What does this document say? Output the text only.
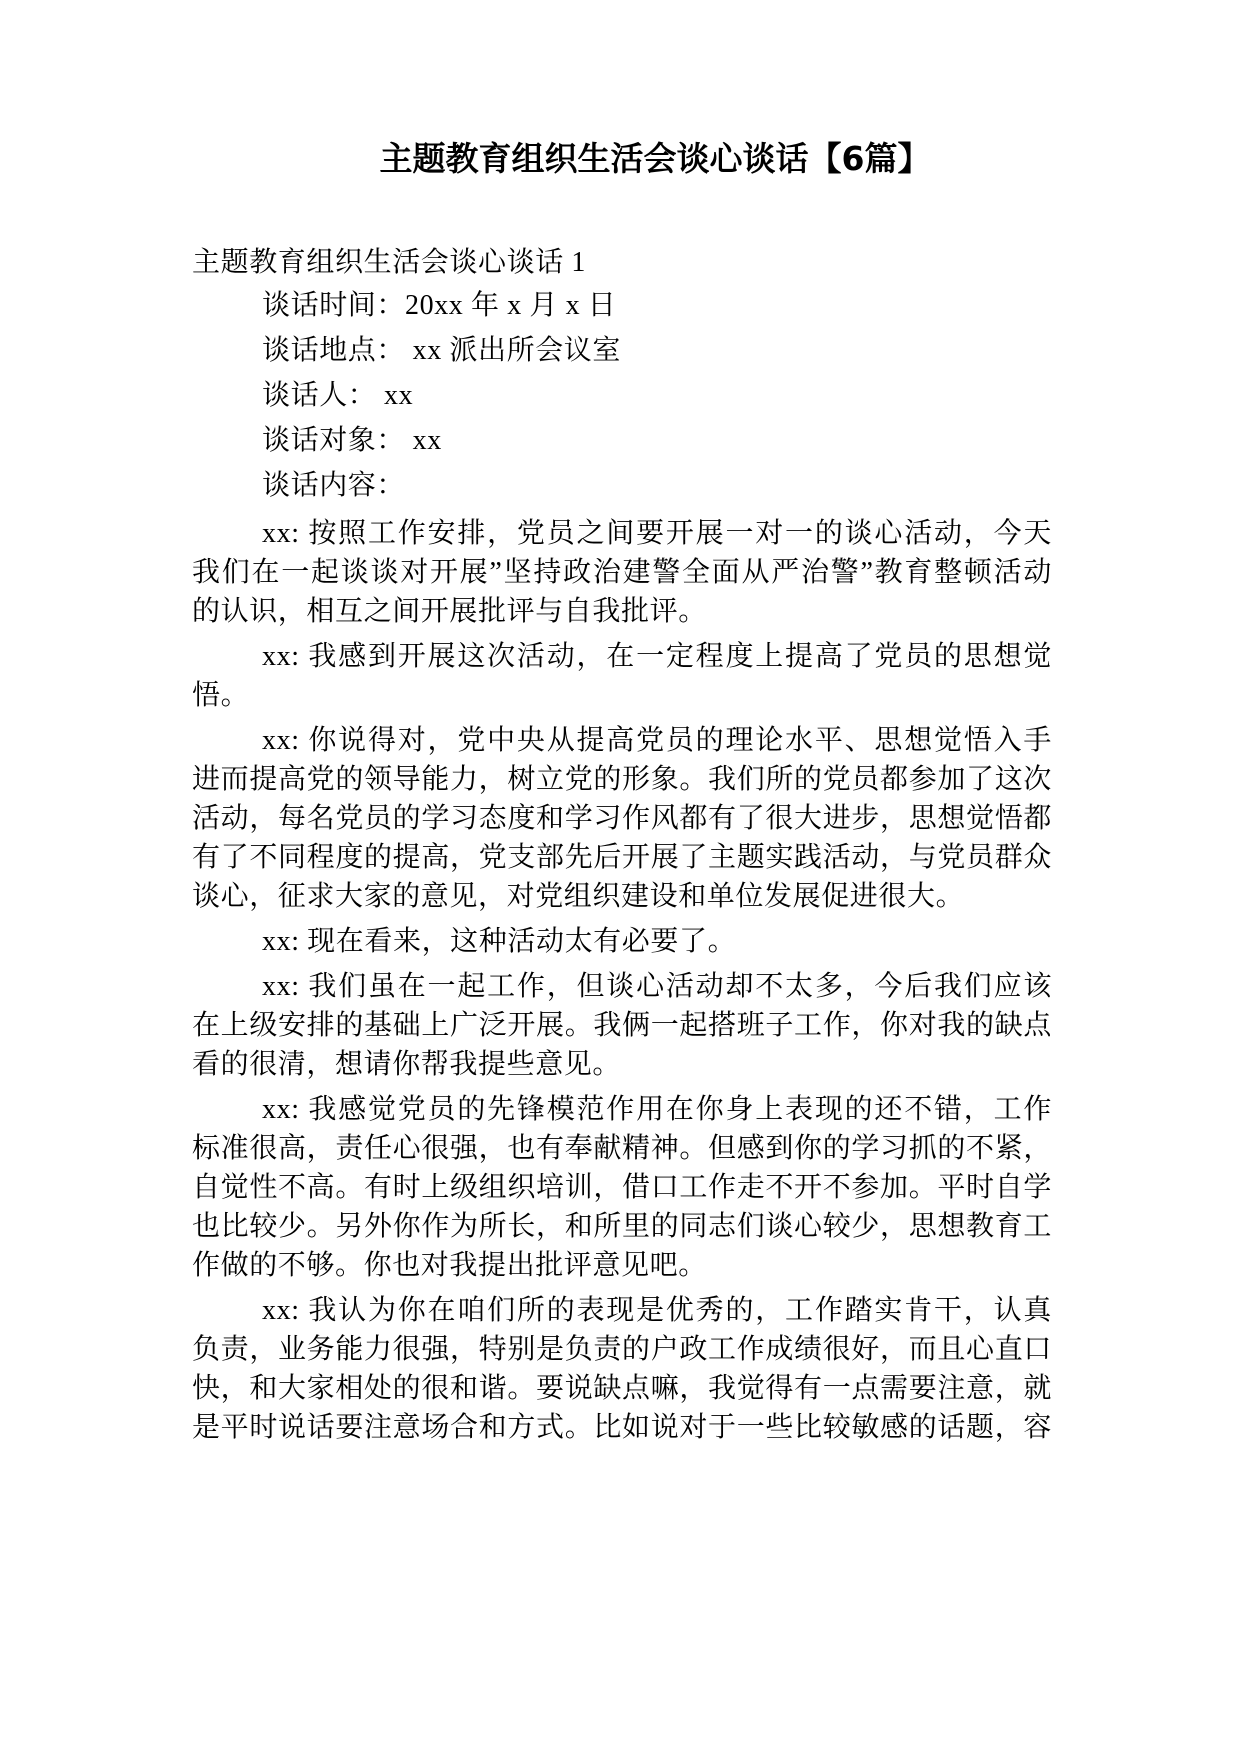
主题教育组织生活会谈心谈话【6篇】
主题教育组织生活会谈心谈话 1
谈话时间：20xx 年 x 月 x 日
谈话地点： xx 派出所会议室
谈话人： xx
谈话对象： xx
谈话内容：
xx: 按照工作安排，党员之间要开展一对一的谈心活动，今天
我们在一起谈谈对开展”坚持政治建警全面从严治警”教育整顿活动
的认识，相互之间开展批评与自我批评。
xx: 我感到开展这次活动，在一定程度上提高了党员的思想觉
悟。
xx: 你说得对，党中央从提高党员的理论水平、思想觉悟入手
进而提高党的领导能力，树立党的形象。我们所的党员都参加了这次
活动，每名党员的学习态度和学习作风都有了很大进步，思想觉悟都
有了不同程度的提高，党支部先后开展了主题实践活动，与党员群众
谈心，征求大家的意见，对党组织建设和单位发展促进很大。
xx: 现在看来，这种活动太有必要了。
xx: 我们虽在一起工作，但谈心活动却不太多，今后我们应该
在上级安排的基础上广泛开展。我俩一起搭班子工作，你对我的缺点
看的很清，想请你帮我提些意见。
xx: 我感觉党员的先锋模范作用在你身上表现的还不错，工作
标准很高，责任心很强，也有奉献精神。但感到你的学习抓的不紧，
自觉性不高。有时上级组织培训，借口工作走不开不参加。平时自学
也比较少。另外你作为所长，和所里的同志们谈心较少，思想教育工
作做的不够。你也对我提出批评意见吧。
xx: 我认为你在咱们所的表现是优秀的，工作踏实肯干，认真
负责，业务能力很强，特别是负责的户政工作成绩很好，而且心直口
快，和大家相处的很和谐。要说缺点嘛，我觉得有一点需要注意，就
是平时说话要注意场合和方式。比如说对于一些比较敏感的话题，容
